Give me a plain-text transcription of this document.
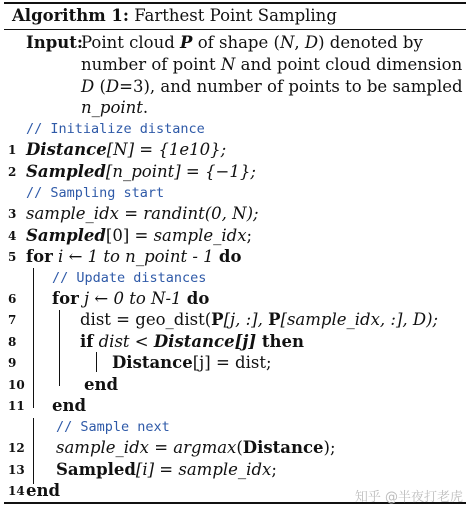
Algorithm 1: Farthest Point Sampling
Input:
Point cloud P of shape (N, D) denoted by
number of point N and point cloud dimension
D (D=3), and number of points to be sampled
n_point.
// Initialize distance
1 Distance[N] = {1e10};
2 Sampled[n_point] = {−1};
// Sampling start
3 sample_idx = randint(0, N);
4 Sampled[0] = sample_idx;
5 for i ← 1 to n_point - 1 do
// Update distances
6 for j ← 0 to N-1 do
7	dist = geo_dist(P[j, :], P[sample_idx, :], D);
8	if dist < Distance[j] then
9	Distance[j] = dist;
10	end
11 end
// Sample next
12 sample_idx = argmax(Distance);
13 Sampled[i] = sample_idx;
14 end	知乎 @半夜打老虎
